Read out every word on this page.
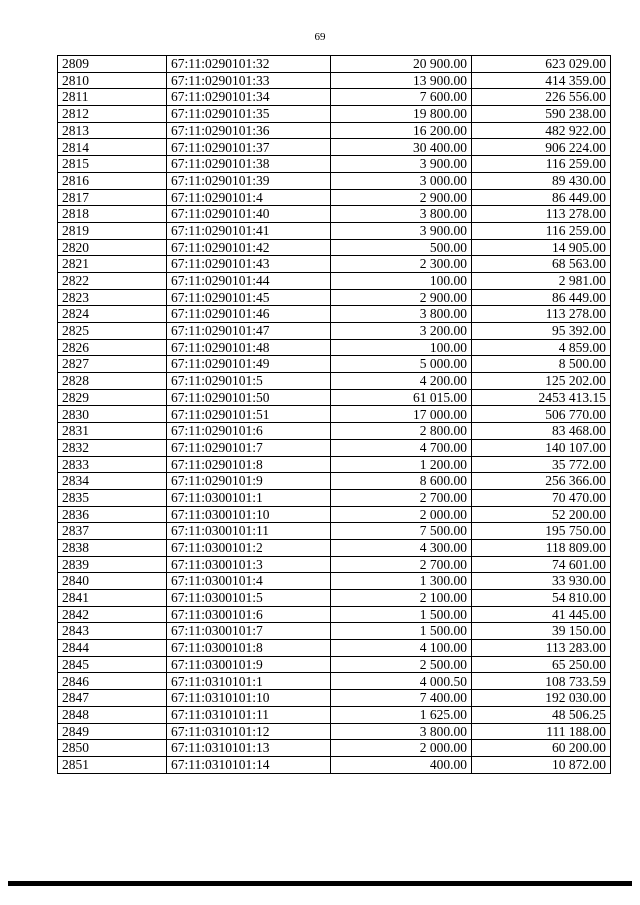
69
2809	67:11:0290101:32	20 900.00	623 029.00
2810	67:11:0290101:33	13 900.00	414 359.00
2811	67:11:0290101:34	7 600.00	226 556.00
2812	67:11:0290101:35	19 800.00	590 238.00
2813	67:11:0290101:36	16 200.00	482 922.00
2814	67:11:0290101:37	30 400.00	906 224.00
2815	67:11:0290101:38	3 900.00	116 259.00
2816	67:11:0290101:39	3 000.00	89 430.00
2817	67:11:0290101:4	2 900.00	86 449.00
2818	67:11:0290101:40	3 800.00	113 278.00
2819	67:11:0290101:41	3 900.00	116 259.00
2820	67:11:0290101:42	500.00	14 905.00
2821	67:11:0290101:43	2 300.00	68 563.00
2822	67:11:0290101:44	100.00	2 981.00
2823	67:11:0290101:45	2 900.00	86 449.00
2824	67:11:0290101:46	3 800.00	113 278.00
2825	67:11:0290101:47	3 200.00	95 392.00
2826	67:11:0290101:48	100.00	4 859.00
2827	67:11:0290101:49	5 000.00	8 500.00
2828	67:11:0290101:5	4 200.00	125 202.00
2829	67:11:0290101:50	61 015.00	2453 413.15
2830	67:11:0290101:51	17 000.00	506 770.00
2831	67:11:0290101:6	2 800.00	83 468.00
2832	67:11:0290101:7	4 700.00	140 107.00
2833	67:11:0290101:8	1 200.00	35 772.00
2834	67:11:0290101:9	8 600.00	256 366.00
2835	67:11:0300101:1	2 700.00	70 470.00
2836	67:11:0300101:10	2 000.00	52 200.00
2837	67:11:0300101:11	7 500.00	195 750.00
2838	67:11:0300101:2	4 300.00	118 809.00
2839	67:11:0300101:3	2 700.00	74 601.00
2840	67:11:0300101:4	1 300.00	33 930.00
2841	67:11:0300101:5	2 100.00	54 810.00
2842	67:11:0300101:6	1 500.00	41 445.00
2843	67:11:0300101:7	1 500.00	39 150.00
2844	67:11:0300101:8	4 100.00	113 283.00
2845	67:11:0300101:9	2 500.00	65 250.00
2846	67:11:0310101:1	4 000.50	108 733.59
2847	67:11:0310101:10	7 400.00	192 030.00
2848	67:11:0310101:11	1 625.00	48 506.25
2849	67:11:0310101:12	3 800.00	111 188.00
2850	67:11:0310101:13	2 000.00	60 200.00
2851	67:11:0310101:14	400.00	10 872.00
